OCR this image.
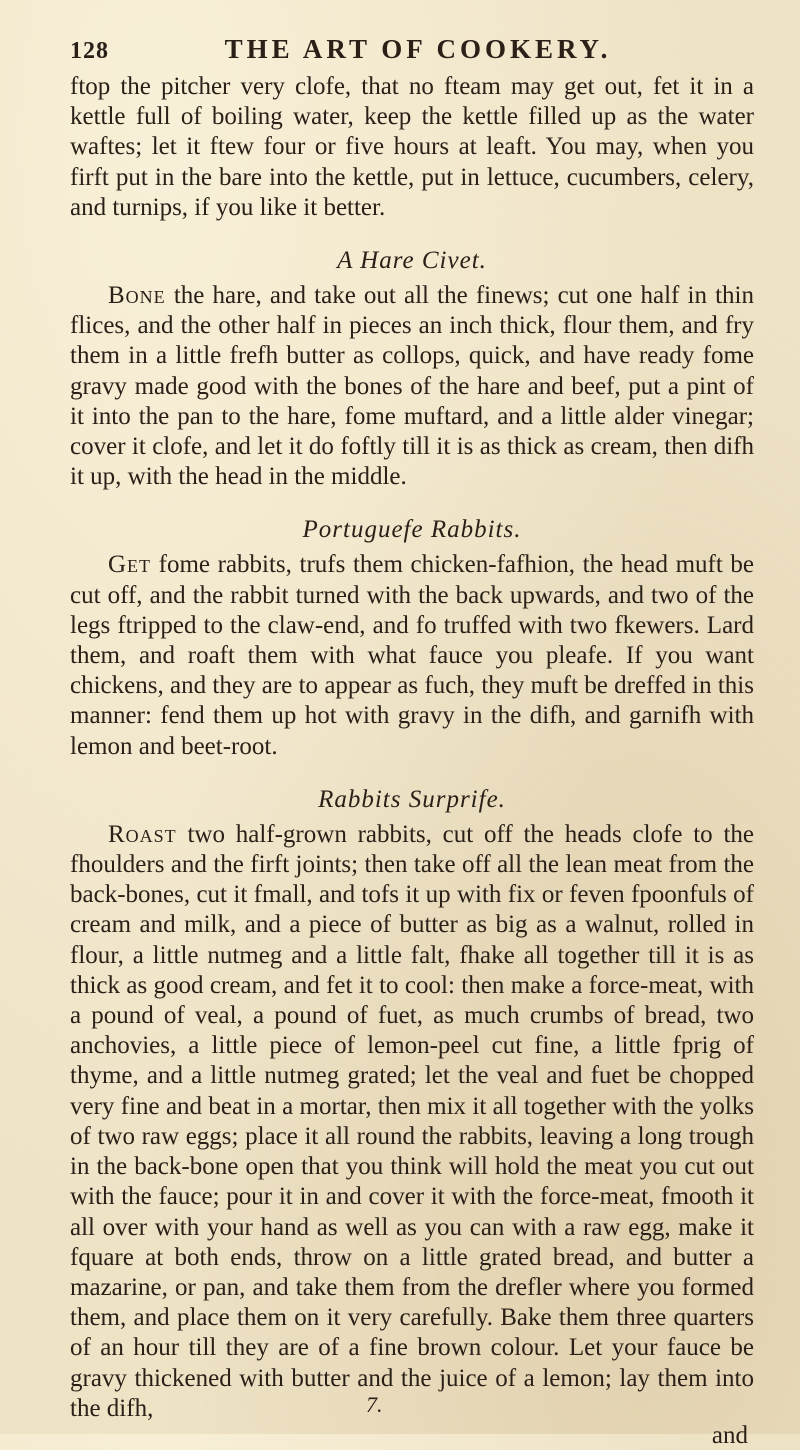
128	THE ART OF COOKERY.

ftop the pitcher very clofe, that no fteam may get out, fet it in a kettle full of boiling water, keep the kettle filled up as the water waftes; let it ftew four or five hours at leaft. You may, when you firft put in the bare into the kettle, put in lettuce, cucumbers, celery, and turnips, if you like it better.

A Hare Civet.

Bone the hare, and take out all the finews; cut one half in thin flices, and the other half in pieces an inch thick, flour them, and fry them in a little frefh butter as collops, quick, and have ready fome gravy made good with the bones of the hare and beef, put a pint of it into the pan to the hare, fome muftard, and a little alder vinegar; cover it clofe, and let it do foftly till it is as thick as cream, then difh it up, with the head in the middle.

Portuguefe Rabbits.

Get fome rabbits, trufs them chicken-fafhion, the head muft be cut off, and the rabbit turned with the back upwards, and two of the legs ftripped to the claw-end, and fo truffed with two fkewers. Lard them, and roaft them with what fauce you pleafe. If you want chickens, and they are to appear as fuch, they muft be dreffed in this manner: fend them up hot with gravy in the difh, and garnifh with lemon and beet-root.

Rabbits Surprife.

Roast two half-grown rabbits, cut off the heads clofe to the fhoulders and the firft joints; then take off all the lean meat from the back-bones, cut it fmall, and tofs it up with fix or feven fpoonfuls of cream and milk, and a piece of butter as big as a walnut, rolled in flour, a little nutmeg and a little falt, fhake all together till it is as thick as good cream, and fet it to cool: then make a force-meat, with a pound of veal, a pound of fuet, as much crumbs of bread, two anchovies, a little piece of lemon-peel cut fine, a little fprig of thyme, and a little nutmeg grated; let the veal and fuet be chopped very fine and beat in a mortar, then mix it all together with the yolks of two raw eggs; place it all round the rabbits, leaving a long trough in the back-bone open that you think will hold the meat you cut out with the fauce; pour it in and cover it with the force-meat, fmooth it all over with your hand as well as you can with a raw egg, make it fquare at both ends, throw on a little grated bread, and butter a mazarine, or pan, and take them from the drefler where you formed them, and place them on it very carefully. Bake them three quarters of an hour till they are of a fine brown colour. Let your fauce be gravy thickened with butter and the juice of a lemon; lay them into the difh,

and
7.
